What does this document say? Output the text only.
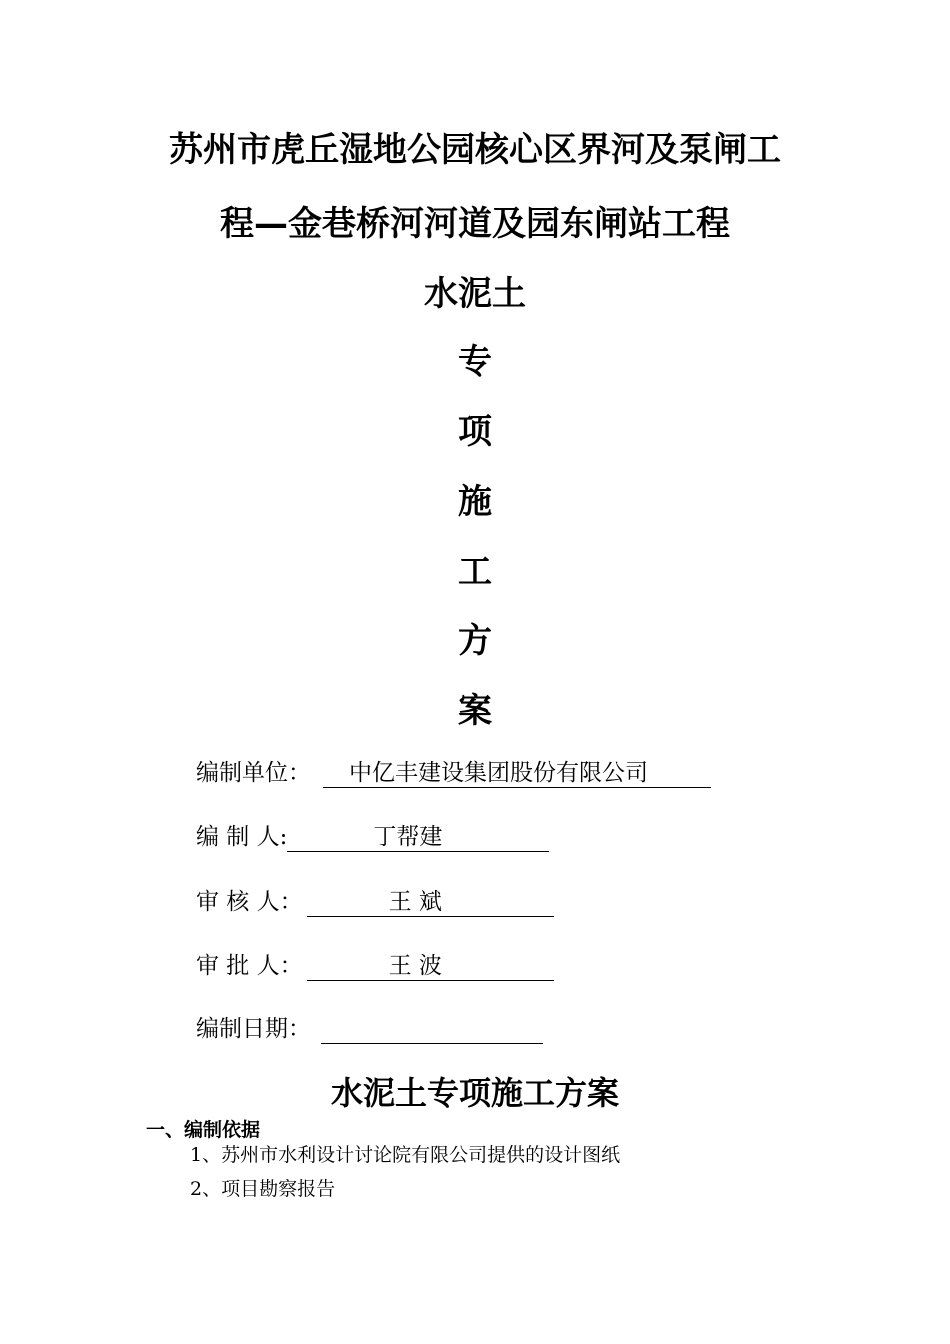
苏州市虎丘湿地公园核心区界河及泵闸工
程—金巷桥河河道及园东闸站工程
水泥土
专
项
施
工
方
案
编制单位： 中亿丰建设集团股份有限公司
编 制 人:	丁帮建
审 核 人：	王 斌
审 批 人：	王 波
编制日期：
水泥土专项施工方案
一、编制依据
1、苏州市水利设计讨论院有限公司提供的设计图纸
2、项目勘察报告
